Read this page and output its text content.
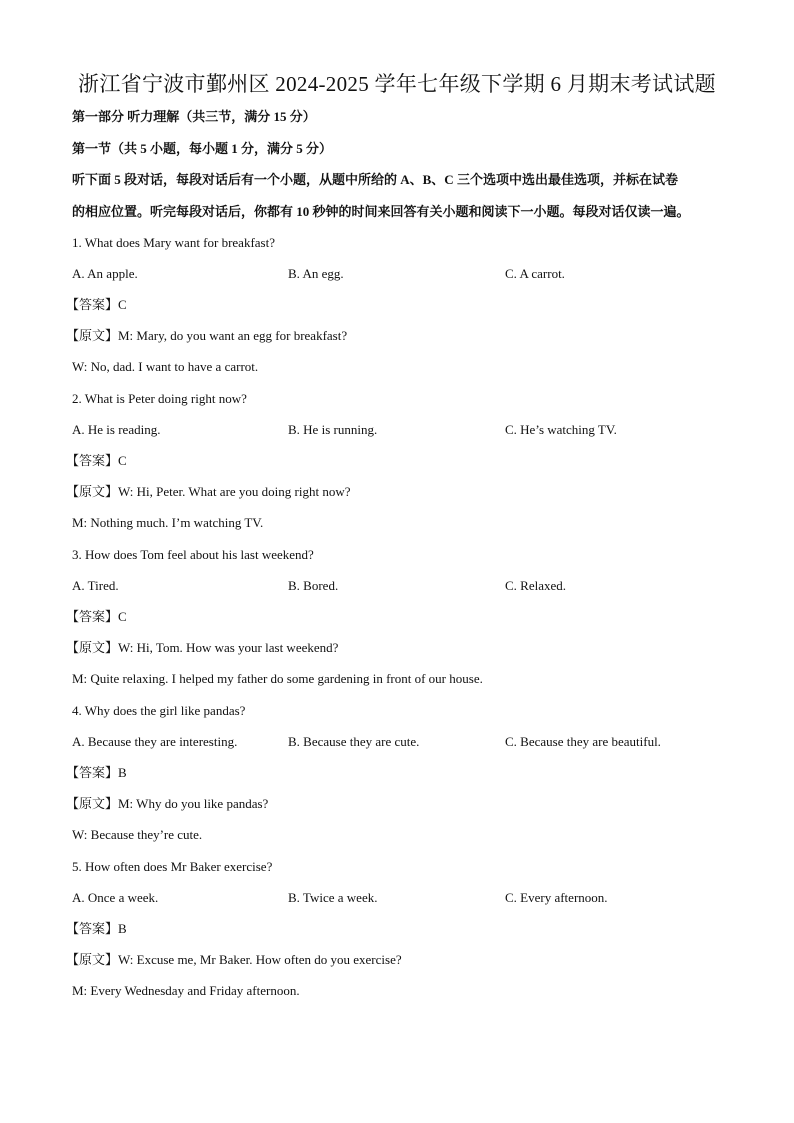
浙江省宁波市鄞州区 2024-2025 学年七年级下学期 6 月期末考试试题
第一部分 听力理解（共三节，满分 15 分）
第一节（共 5 小题，每小题 1 分，满分 5 分）
听下面 5 段对话，每段对话后有一个小题，从题中所给的 A、B、C 三个选项中选出最佳选项，并标在试卷
的相应位置。听完每段对话后，你都有 10 秒钟的时间来回答有关小题和阅读下一小题。每段对话仅读一遍。
1. What does Mary want for breakfast?
A. An apple.	B. An egg.	C. A carrot.
【答案】C
【原文】M: Mary, do you want an egg for breakfast?
W: No, dad. I want to have a carrot.
2. What is Peter doing right now?
A. He is reading.	B. He is running.	C. He’s watching TV.
【答案】C
【原文】W: Hi, Peter. What are you doing right now?
M: Nothing much. I’m watching TV.
3. How does Tom feel about his last weekend?
A. Tired.	B. Bored.	C. Relaxed.
【答案】C
【原文】W: Hi, Tom. How was your last weekend?
M: Quite relaxing. I helped my father do some gardening in front of our house.
4. Why does the girl like pandas?
A. Because they are interesting.	B. Because they are cute.	C. Because they are beautiful.
【答案】B
【原文】M: Why do you like pandas?
W: Because they’re cute.
5. How often does Mr Baker exercise?
A. Once a week.	B. Twice a week.	C. Every afternoon.
【答案】B
【原文】W: Excuse me, Mr Baker. How often do you exercise?
M: Every Wednesday and Friday afternoon.
